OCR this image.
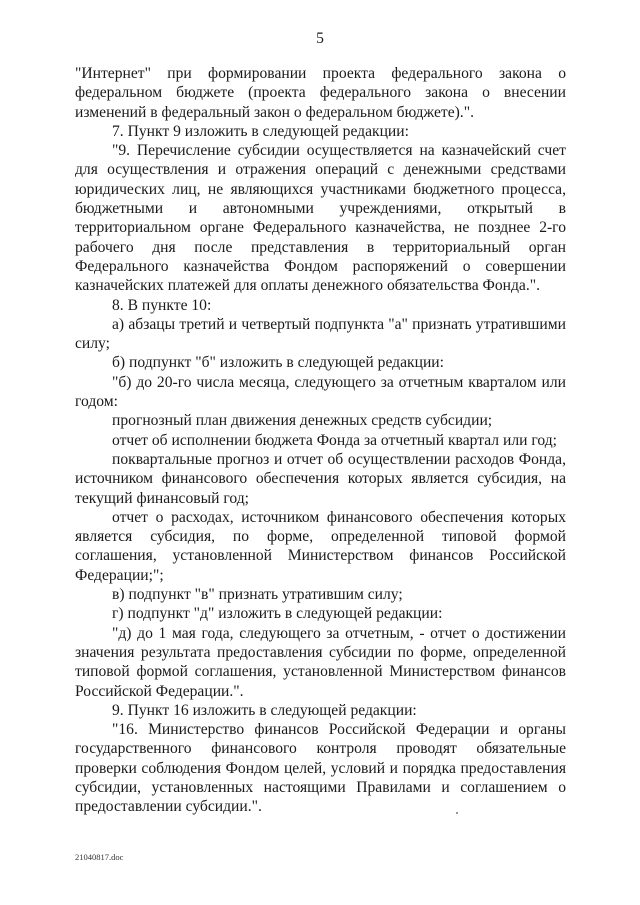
5

"Интернет" при формировании проекта федерального закона о федеральном бюджете (проекта федерального закона о внесении изменений в федеральный закон о федеральном бюджете).".

7. Пункт 9 изложить в следующей редакции:

"9. Перечисление субсидии осуществляется на казначейский счет для осуществления и отражения операций с денежными средствами юридических лиц, не являющихся участниками бюджетного процесса, бюджетными и автономными учреждениями, открытый в территориальном органе Федерального казначейства, не позднее 2-го рабочего дня после представления в территориальный орган Федерального казначейства Фондом распоряжений о совершении казначейских платежей для оплаты денежного обязательства Фонда.".

8. В пункте 10:

а) абзацы третий и четвертый подпункта "а" признать утратившими силу;

б) подпункт "б" изложить в следующей редакции:

"б) до 20-го числа месяца, следующего за отчетным кварталом или годом:

прогнозный план движения денежных средств субсидии;

отчет об исполнении бюджета Фонда за отчетный квартал или год;

поквартальные прогноз и отчет об осуществлении расходов Фонда, источником финансового обеспечения которых является субсидия, на текущий финансовый год;

отчет о расходах, источником финансового обеспечения которых является субсидия, по форме, определенной типовой формой соглашения, установленной Министерством финансов Российской Федерации;";

в) подпункт "в" признать утратившим силу;

г) подпункт "д" изложить в следующей редакции:

"д) до 1 мая года, следующего за отчетным, - отчет о достижении значения результата предоставления субсидии по форме, определенной типовой формой соглашения, установленной Министерством финансов Российской Федерации.".

9. Пункт 16 изложить в следующей редакции:

"16. Министерство финансов Российской Федерации и органы государственного финансового контроля проводят обязательные проверки соблюдения Фондом целей, условий и порядка предоставления субсидии, установленных настоящими Правилами и соглашением о предоставлении субсидии.".

21040817.doc
